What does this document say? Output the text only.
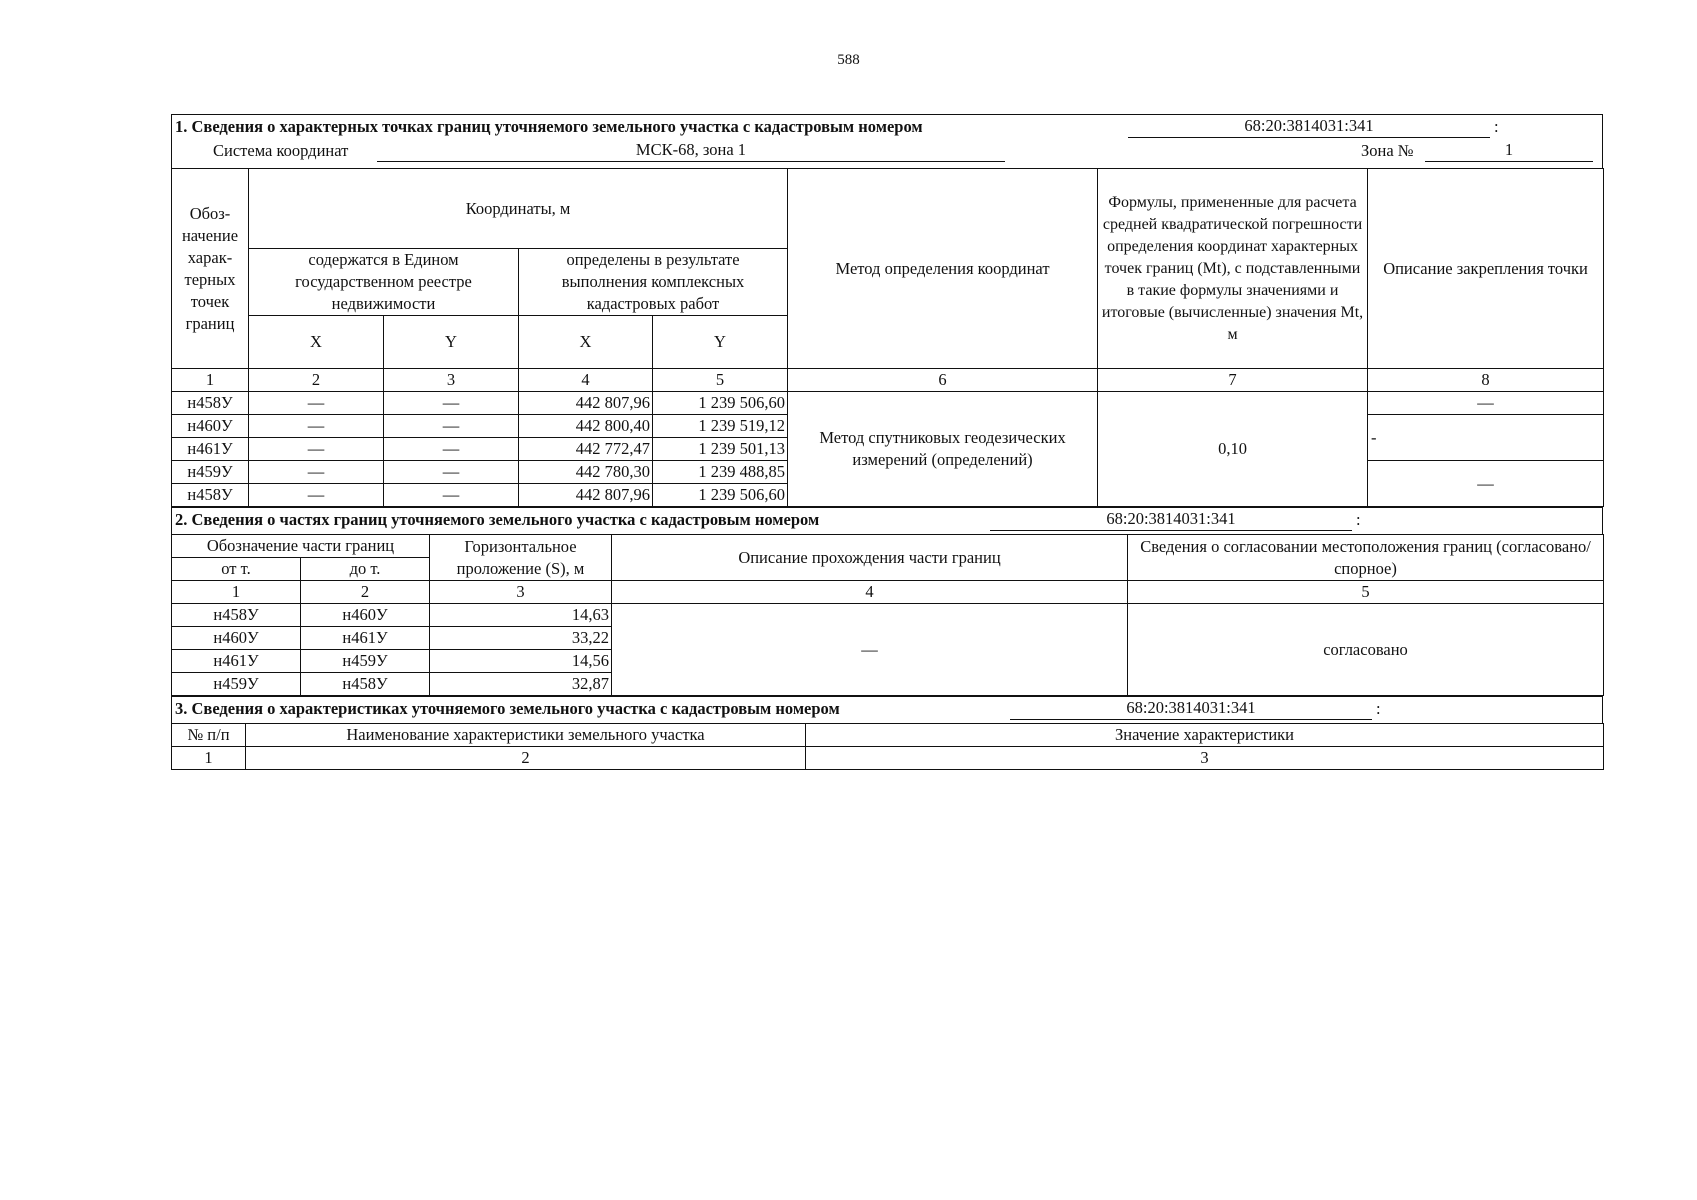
588
1. Сведения о характерных точках границ уточняемого земельного участка с кадастровым номером	68:20:3814031:341	:
Система координат	МСК-68, зона 1	Зона №	1
Обоз-начение харак-терных точек границ	Координаты, м				Метод определения координат	Формулы, примененные для расчета средней квадратической погрешности определения координат характерных точек границ (Mt), с подставленными в такие формулы значениями и итоговые (вычисленные) значения Mt, м	Описание закрепления точки
	содержатся в Едином государственном реестре недвижимости		определены в результате выполнения комплексных кадастровых работ				
	X	Y	X	Y			
1	2	3	4	5	6	7	8
н458У	—	—	442 807,96	1 239 506,60	Метод спутниковых геодезических измерений (определений)	0,10	—
н460У	—	—	442 800,40	1 239 519,12			-
н461У	—	—	442 772,47	1 239 501,13			
н459У	—	—	442 780,30	1 239 488,85			—
н458У	—	—	442 807,96	1 239 506,60			
2. Сведения о частях границ уточняемого земельного участка с кадастровым номером	68:20:3814031:341	:
Обозначение части границ		Горизонтальное проложение (S), м	Описание прохождения части границ	Сведения о согласовании местоположения границ (согласовано/спорное)
от т.	до т.			
1	2	3	4	5
н458У	н460У	14,63	—	согласовано
н460У	н461У	33,22		
н461У	н459У	14,56		
н459У	н458У	32,87		
3. Сведения о характеристиках уточняемого земельного участка с кадастровым номером	68:20:3814031:341	:
№ п/п	Наименование характеристики земельного участка	Значение характеристики
1	2	3
